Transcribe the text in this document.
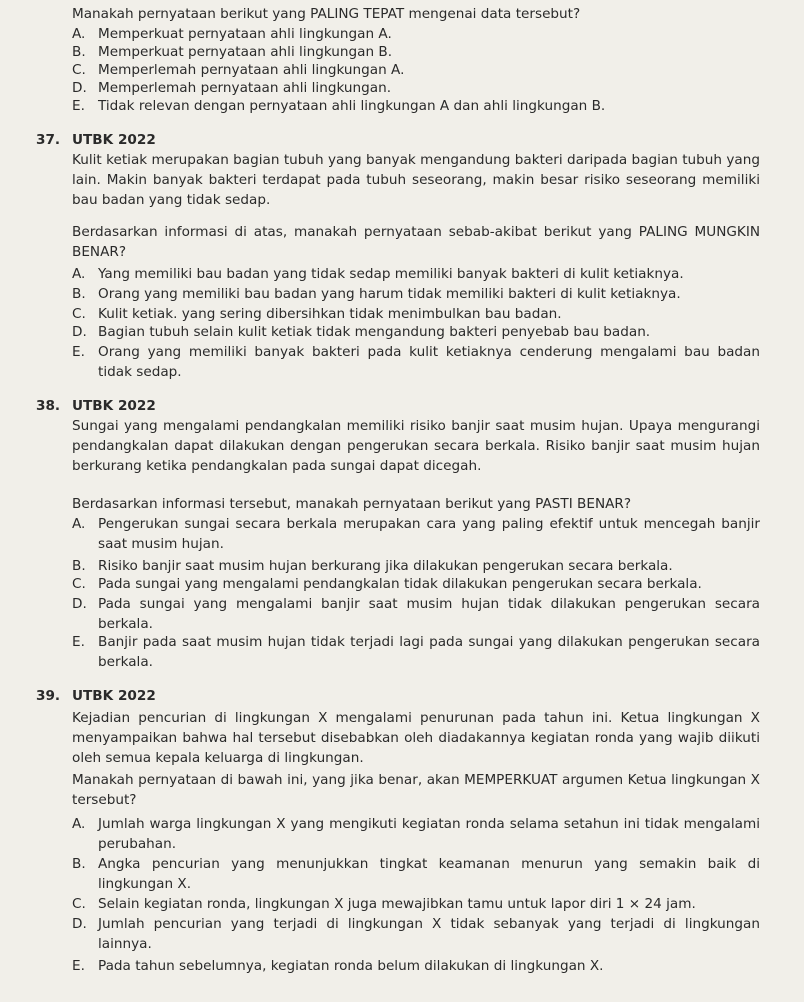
Manakah pernyataan berikut yang PALING TEPAT mengenai data tersebut?
A. Memperkuat pernyataan ahli lingkungan A.
B. Memperkuat pernyataan ahli lingkungan B.
C. Memperlemah pernyataan ahli lingkungan A.
D. Memperlemah pernyataan ahli lingkungan.
E. Tidak relevan dengan pernyataan ahli lingkungan A dan ahli lingkungan B.
37. UTBK 2022
Kulit ketiak merupakan bagian tubuh yang banyak mengandung bakteri daripada bagian tubuh yang lain. Makin banyak bakteri terdapat pada tubuh seseorang, makin besar risiko seseorang memiliki bau badan yang tidak sedap.
Berdasarkan informasi di atas, manakah pernyataan sebab-akibat berikut yang PALING MUNGKIN BENAR?
A. Yang memiliki bau badan yang tidak sedap memiliki banyak bakteri di kulit ketiaknya.
B. Orang yang memiliki bau badan yang harum tidak memiliki bakteri di kulit ketiaknya.
C. Kulit ketiak. yang sering dibersihkan tidak menimbulkan bau badan.
D. Bagian tubuh selain kulit ketiak tidak mengandung bakteri penyebab bau badan.
E. Orang yang memiliki banyak bakteri pada kulit ketiaknya cenderung mengalami bau badan tidak sedap.
38. UTBK 2022
Sungai yang mengalami pendangkalan memiliki risiko banjir saat musim hujan. Upaya mengurangi pendangkalan dapat dilakukan dengan pengerukan secara berkala. Risiko banjir saat musim hujan berkurang ketika pendangkalan pada sungai dapat dicegah.
Berdasarkan informasi tersebut, manakah pernyataan berikut yang PASTI BENAR?
A. Pengerukan sungai secara berkala merupakan cara yang paling efektif untuk mencegah banjir saat musim hujan.
B. Risiko banjir saat musim hujan berkurang jika dilakukan pengerukan secara berkala.
C. Pada sungai yang mengalami pendangkalan tidak dilakukan pengerukan secara berkala.
D. Pada sungai yang mengalami banjir saat musim hujan tidak dilakukan pengerukan secara berkala.
E. Banjir pada saat musim hujan tidak terjadi lagi pada sungai yang dilakukan pengerukan secara berkala.
39. UTBK 2022
Kejadian pencurian di lingkungan X mengalami penurunan pada tahun ini. Ketua lingkungan X menyampaikan bahwa hal tersebut disebabkan oleh diadakannya kegiatan ronda yang wajib diikuti oleh semua kepala keluarga di lingkungan.
Manakah pernyataan di bawah ini, yang jika benar, akan MEMPERKUAT argumen Ketua lingkungan X tersebut?
A. Jumlah warga lingkungan X yang mengikuti kegiatan ronda selama setahun ini tidak mengalami perubahan.
B. Angka pencurian yang menunjukkan tingkat keamanan menurun yang semakin baik di lingkungan X.
C. Selain kegiatan ronda, lingkungan X juga mewajibkan tamu untuk lapor diri 1 × 24 jam.
D. Jumlah pencurian yang terjadi di lingkungan X tidak sebanyak yang terjadi di lingkungan lainnya.
E. Pada tahun sebelumnya, kegiatan ronda belum dilakukan di lingkungan X.
